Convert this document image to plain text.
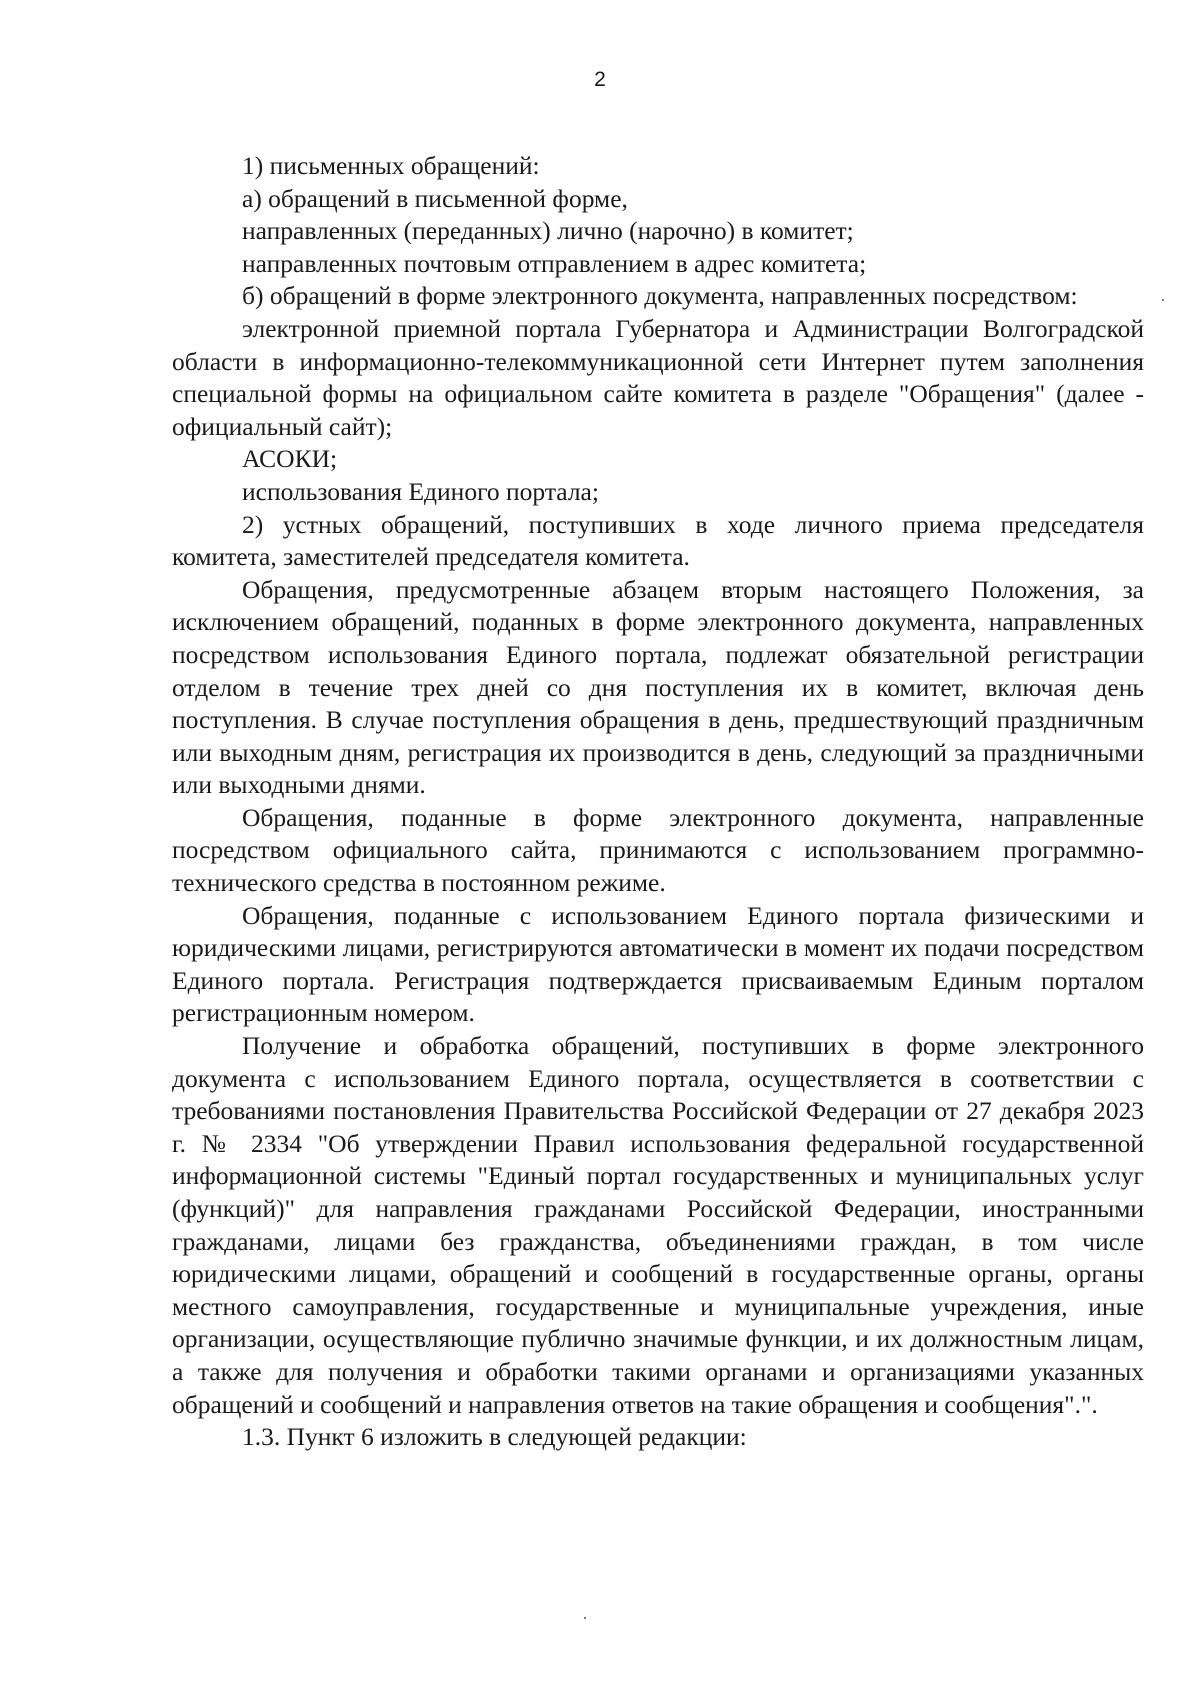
2

1) письменных обращений:

а) обращений в письменной форме,

направленных (переданных) лично (нарочно) в комитет;

направленных почтовым отправлением в адрес комитета;

б) обращений в форме электронного документа, направленных посредством:

электронной приемной портала Губернатора и Администрации Волгоградской области в информационно-телекоммуникационной сети Интернет путем заполнения специальной формы на официальном сайте комитета в разделе "Обращения" (далее - официальный сайт);

АСОКИ;

использования Единого портала;

2) устных обращений, поступивших в ходе личного приема председателя комитета, заместителей председателя комитета.

Обращения, предусмотренные абзацем вторым настоящего Положения, за исключением обращений, поданных в форме электронного документа, направленных посредством использования Единого портала, подлежат обязательной регистрации отделом в течение трех дней со дня поступления их в комитет, включая день поступления. В случае поступления обращения в день, предшествующий праздничным или выходным дням, регистрация их производится в день, следующий за праздничными или выходными днями.

Обращения, поданные в форме электронного документа, направленные посредством официального сайта, принимаются с использованием программно-технического средства в постоянном режиме.

Обращения, поданные с использованием Единого портала физическими и юридическими лицами, регистрируются автоматически в момент их подачи посредством Единого портала. Регистрация подтверждается присваиваемым Единым порталом регистрационным номером.

Получение и обработка обращений, поступивших в форме электронного документа с использованием Единого портала, осуществляется в соответствии с требованиями постановления Правительства Российской Федерации от 27 декабря 2023 г. № 2334 "Об утверждении Правил использования федеральной государственной информационной системы "Единый портал государственных и муниципальных услуг (функций)" для направления гражданами Российской Федерации, иностранными гражданами, лицами без гражданства, объединениями граждан, в том числе юридическими лицами, обращений и сообщений в государственные органы, органы местного самоуправления, государственные и муниципальные учреждения, иные организации, осуществляющие публично значимые функции, и их должностным лицам, а также для получения и обработки такими органами и организациями указанных обращений и сообщений и направления ответов на такие обращения и сообщения".".

1.3. Пункт 6 изложить в следующей редакции:
